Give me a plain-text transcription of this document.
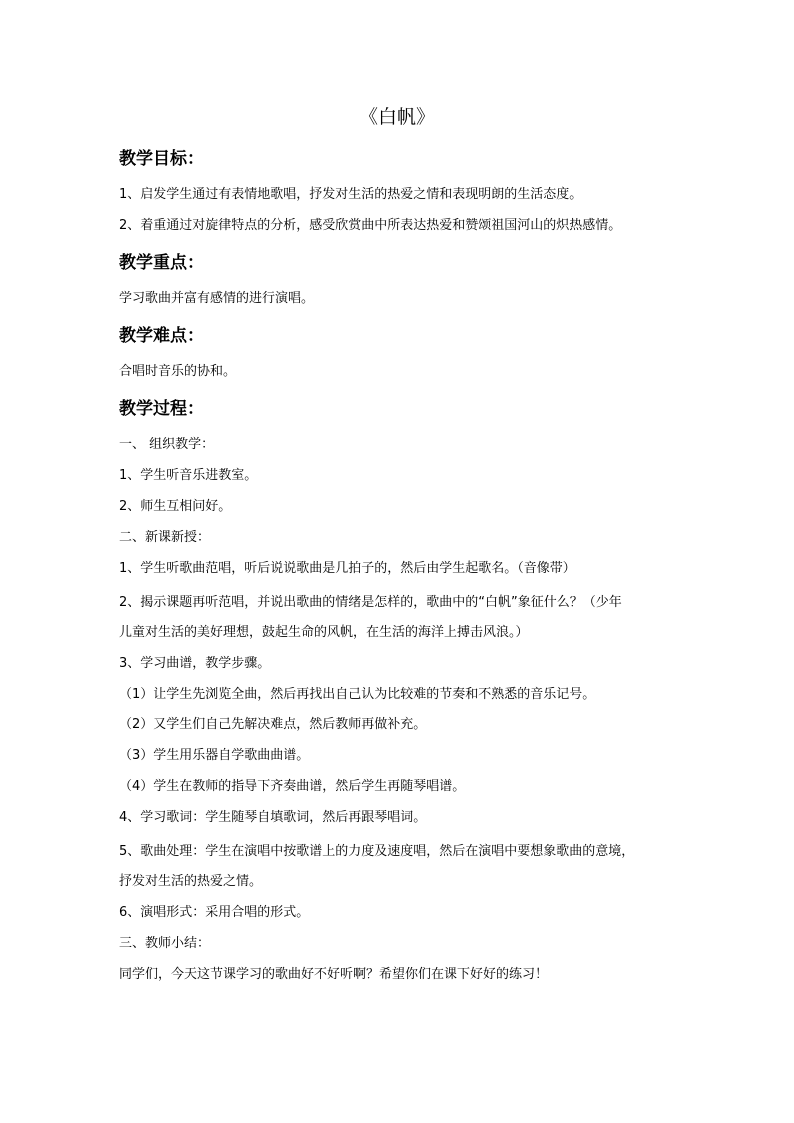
《白帆》
教学目标：
1、启发学生通过有表情地歌唱，抒发对生活的热爱之情和表现明朗的生活态度。
2、着重通过对旋律特点的分析，感受欣赏曲中所表达热爱和赞颂祖国河山的炽热感情。
教学重点：
学习歌曲并富有感情的进行演唱。
教学难点：
合唱时音乐的协和。
教学过程：
一、 组织教学：
1、学生听音乐进教室。
2、师生互相问好。
二、新课新授：
1、学生听歌曲范唱，听后说说歌曲是几拍子的，然后由学生起歌名。（音像带）
2、揭示课题再听范唱，并说出歌曲的情绪是怎样的，歌曲中的“白帆”象征什么？（少年
儿童对生活的美好理想，鼓起生命的风帆，在生活的海洋上搏击风浪。）
3、学习曲谱，教学步骤。
（1）让学生先浏览全曲，然后再找出自己认为比较难的节奏和不熟悉的音乐记号。
（2）又学生们自己先解决难点，然后教师再做补充。
（3）学生用乐器自学歌曲曲谱。
（4）学生在教师的指导下齐奏曲谱，然后学生再随琴唱谱。
4、学习歌词：学生随琴自填歌词，然后再跟琴唱词。
5、歌曲处理：学生在演唱中按歌谱上的力度及速度唱，然后在演唱中要想象歌曲的意境，
抒发对生活的热爱之情。
6、演唱形式：采用合唱的形式。
三、教师小结：
同学们，今天这节课学习的歌曲好不好听啊？希望你们在课下好好的练习！
